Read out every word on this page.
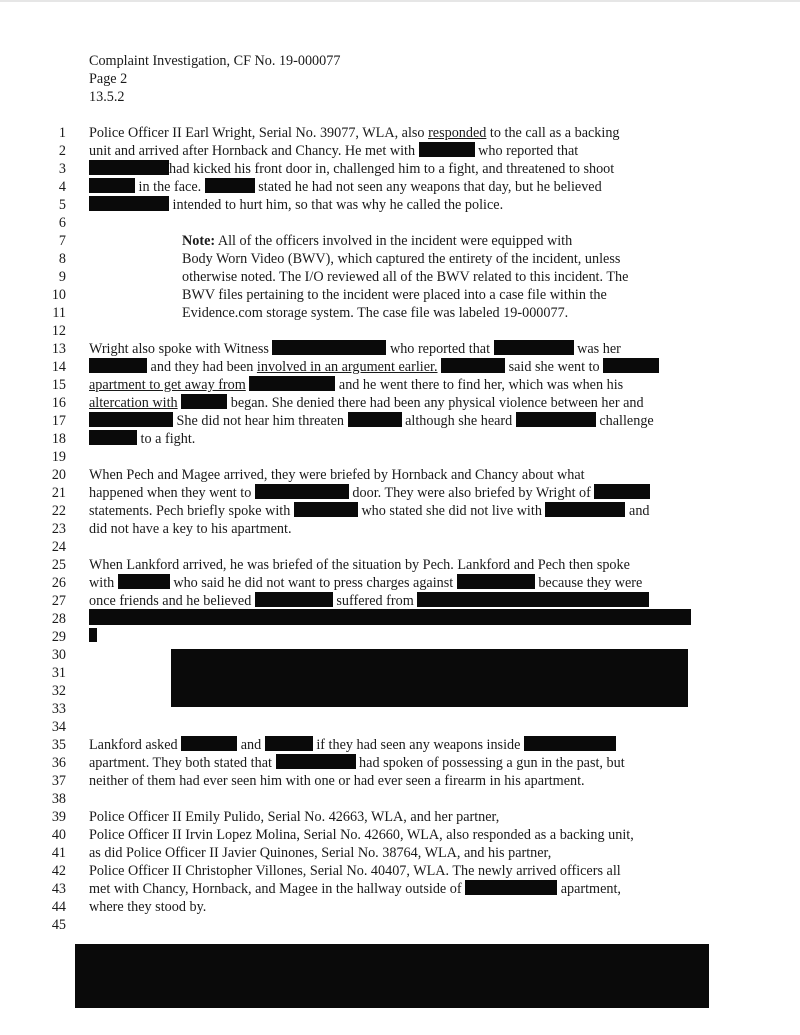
Complaint Investigation, CF No. 19-000077
Page 2
13.5.2
1 Police Officer II Earl Wright, Serial No. 39077, WLA, also responded to the call as a backing
2 unit and arrived after Hornback and Chancy. He met with	who reported that
3	had kicked his front door in, challenged him to a fight, and threatened to shoot
4	in the face.	stated he had not seen any weapons that day, but he believed
5	intended to hurt him, so that was why he called the police.
6
7	Note: All of the officers involved in the incident were equipped with
8	Body Worn Video (BWV), which captured the entirety of the incident, unless
9	otherwise noted. The I/O reviewed all of the BWV related to this incident. The
10	BWV files pertaining to the incident were placed into a case file within the
11	Evidence.com storage system. The case file was labeled 19-000077.
12
13 Wright also spoke with Witness	who reported that	was her
14	and they had been involved in an argument earlier.	said she went to
15 apartment to get away from	and he went there to find her, which was when his
16 altercation with	began. She denied there had been any physical violence between her and
17	She did not hear him threaten	although she heard	challenge
18	to a fight.
19
20 When Pech and Magee arrived, they were briefed by Hornback and Chancy about what
21 happened when they went to	door. They were also briefed by Wright of
22 statements. Pech briefly spoke with	who stated she did not live with	and
23 did not have a key to his apartment.
24
25 When Lankford arrived, he was briefed of the situation by Pech. Lankford and Pech then spoke
26 with	who said he did not want to press charges against	because they were
27 once friends and he believed	suffered from
28
29
30
31
32
33
34
35 Lankford asked	and	if they had seen any weapons inside
36 apartment. They both stated that	had spoken of possessing a gun in the past, but
37 neither of them had ever seen him with one or had ever seen a firearm in his apartment.
38
39 Police Officer II Emily Pulido, Serial No. 42663, WLA, and her partner,
40 Police Officer II Irvin Lopez Molina, Serial No. 42660, WLA, also responded as a backing unit,
41 as did Police Officer II Javier Quinones, Serial No. 38764, WLA, and his partner,
42 Police Officer II Christopher Villones, Serial No. 40407, WLA. The newly arrived officers all
43 met with Chancy, Hornback, and Magee in the hallway outside of	apartment,
44 where they stood by.
45
